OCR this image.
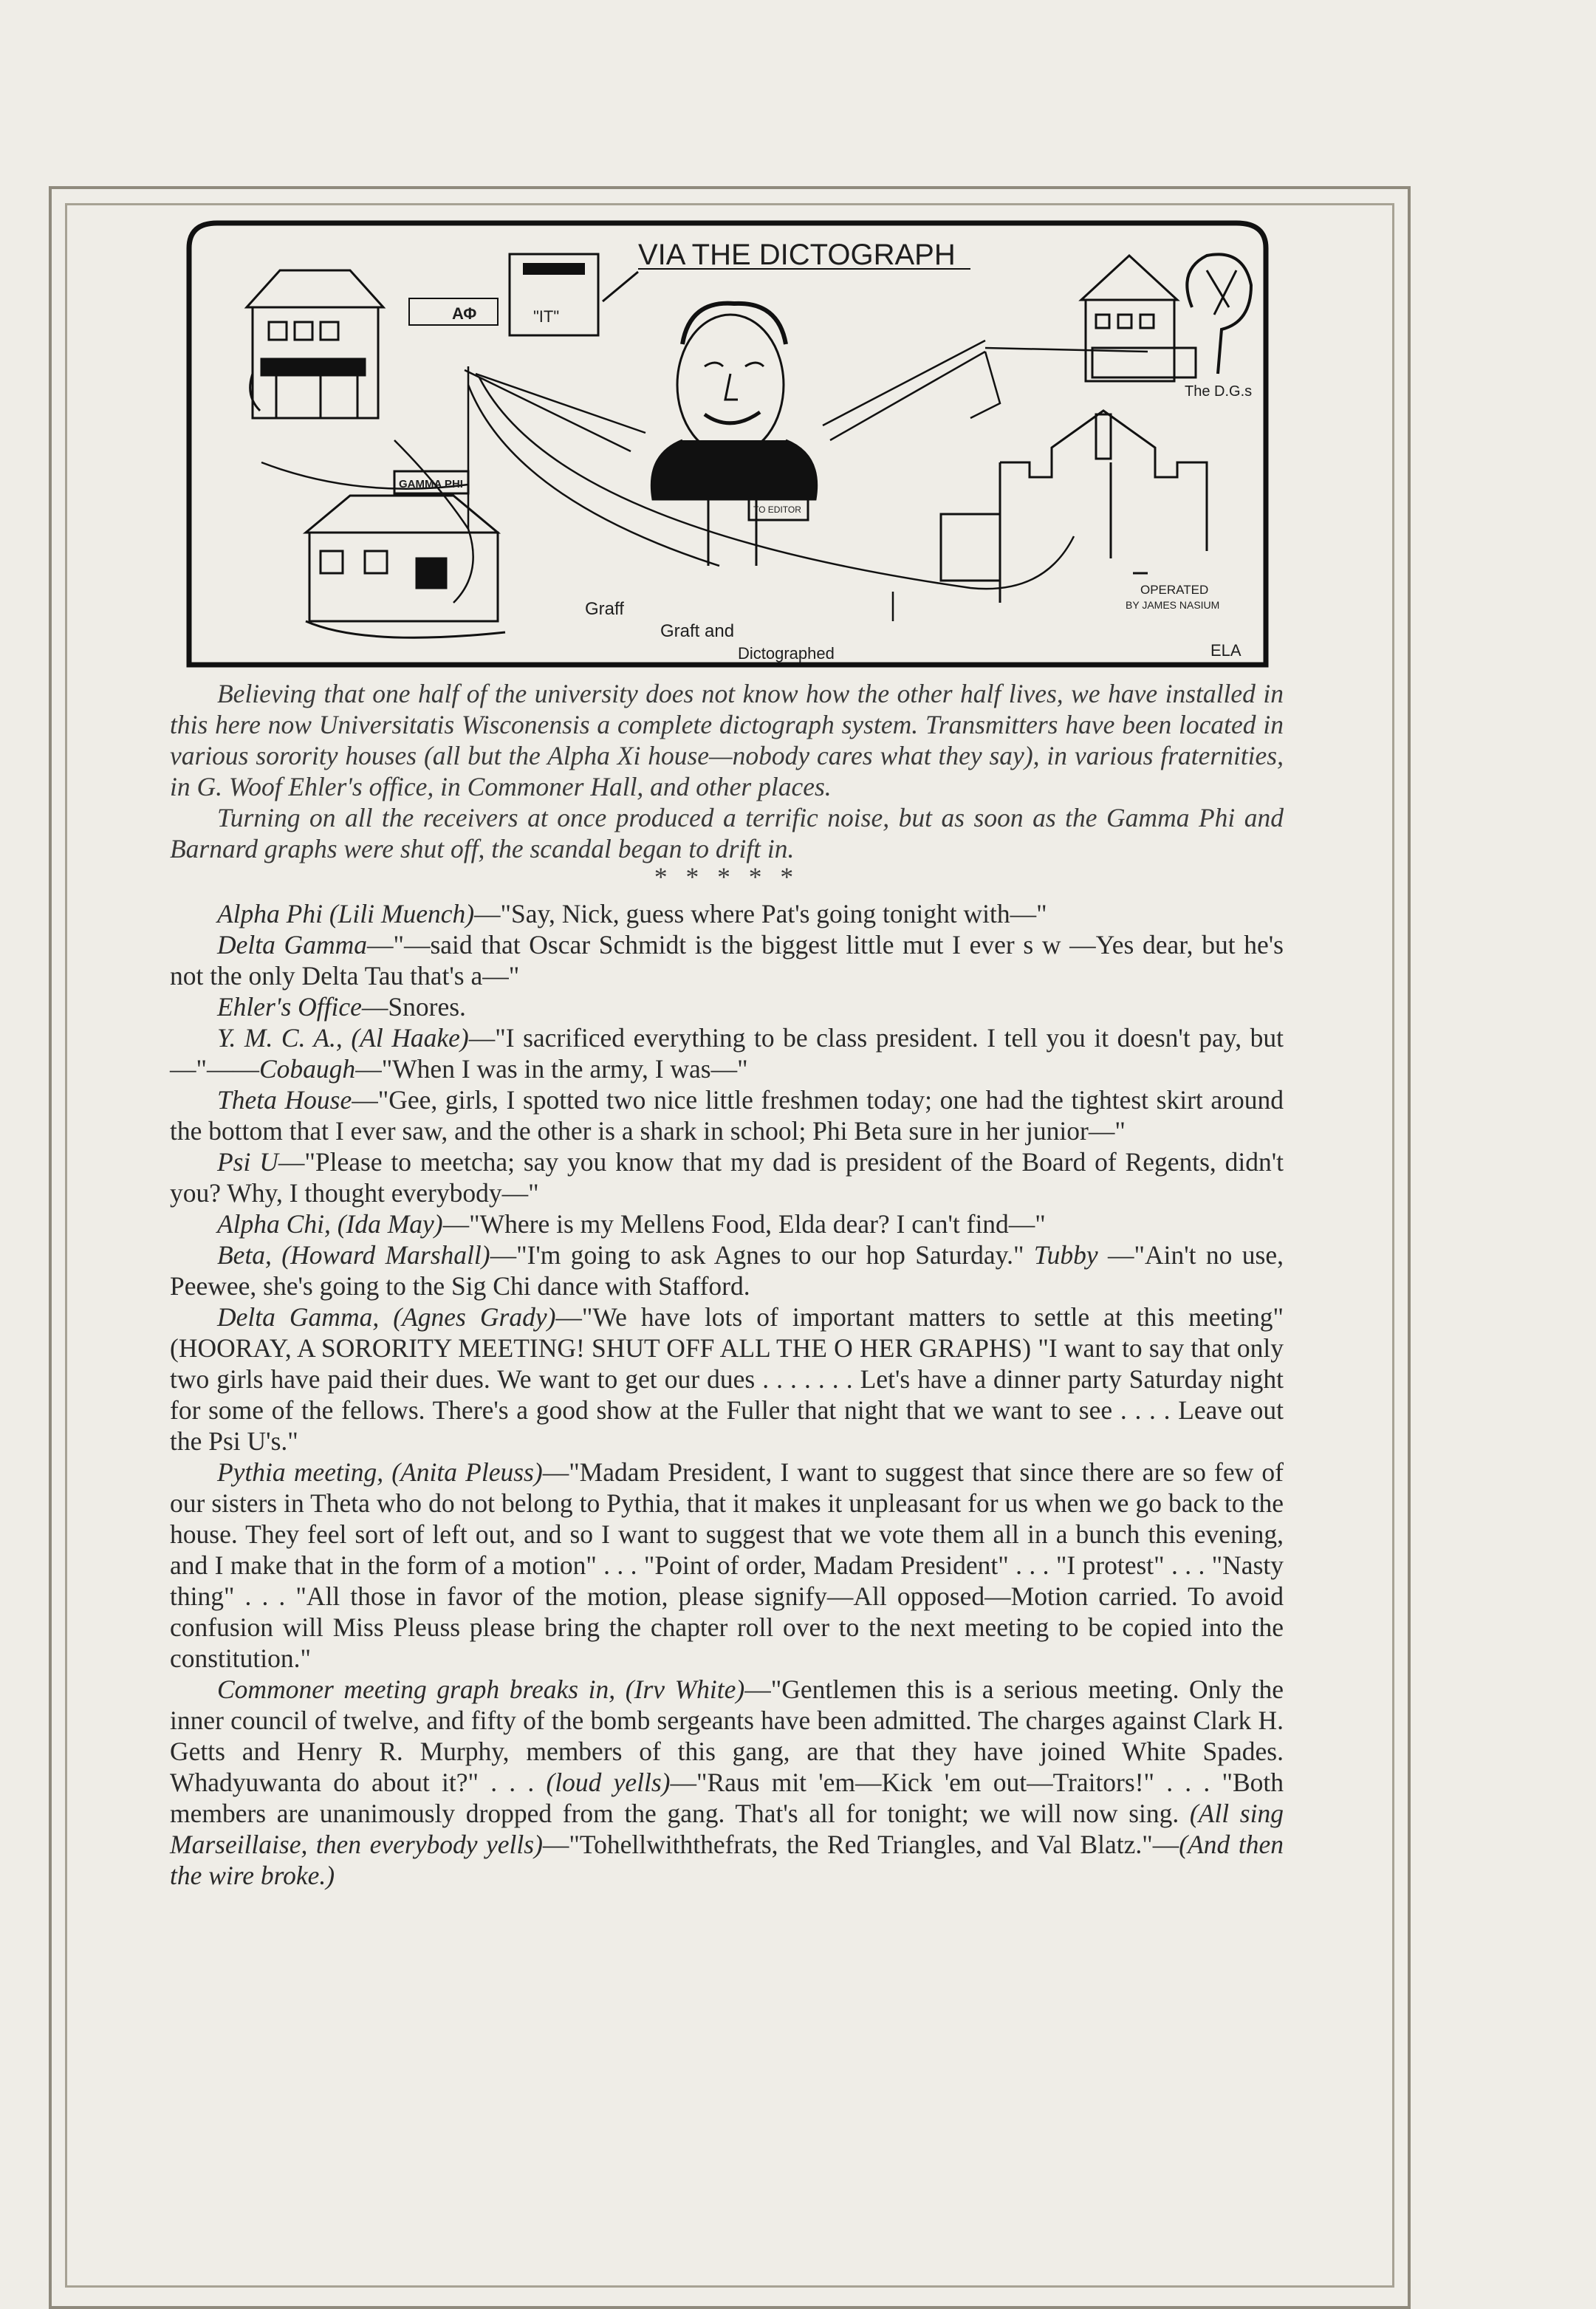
VIA THE DICTOGRAPH
"IT"
ΑΦ
TO EDITOR
The D.G.s
GAMMA PHI
OPERATED
BY JAMES NASIUM
Graff
Graft and
Dictographed	ELA

Believing that one half of the university does not know how the other half lives, we have installed in this here now Universitatis Wisconensis a complete dictograph system. Transmitters have been located in various sorority houses (all but the Alpha Xi house—nobody cares what they say), in various fraternities, in G. Woof Ehler's office, in Commoner Hall, and other places.

Turning on all the receivers at once produced a terrific noise, but as soon as the Gamma Phi and Barnard graphs were shut off, the scandal began to drift in.

* * * * *

Alpha Phi (Lili Muench)—"Say, Nick, guess where Pat's going tonight with—"

Delta Gamma—"—said that Oscar Schmidt is the biggest little mut I ever s w —Yes dear, but he's not the only Delta Tau that's a—"

Ehler's Office—Snores.

Y. M. C. A., (Al Haake)—"I sacrificed everything to be class president. I tell you it doesn't pay, but—"——Cobaugh—"When I was in the army, I was—"

Theta House—"Gee, girls, I spotted two nice little freshmen today; one had the tightest skirt around the bottom that I ever saw, and the other is a shark in school; Phi Beta sure in her junior—"

Psi U—"Please to meetcha; say you know that my dad is president of the Board of Regents, didn't you? Why, I thought everybody—"

Alpha Chi, (Ida May)—"Where is my Mellens Food, Elda dear? I can't find—"

Beta, (Howard Marshall)—"I'm going to ask Agnes to our hop Saturday." Tubby —"Ain't no use, Peewee, she's going to the Sig Chi dance with Stafford.

Delta Gamma, (Agnes Grady)—"We have lots of important matters to settle at this meeting" (HOORAY, A SORORITY MEETING! SHUT OFF ALL THE O HER GRAPHS) "I want to say that only two girls have paid their dues. We want to get our dues . . . . . . . Let's have a dinner party Saturday night for some of the fellows. There's a good show at the Fuller that night that we want to see . . . . Leave out the Psi U's."

Pythia meeting, (Anita Pleuss)—"Madam President, I want to suggest that since there are so few of our sisters in Theta who do not belong to Pythia, that it makes it unpleasant for us when we go back to the house. They feel sort of left out, and so I want to suggest that we vote them all in a bunch this evening, and I make that in the form of a motion" . . . "Point of order, Madam President" . . . "I protest" . . . "Nasty thing" . . . "All those in favor of the motion, please signify—All opposed—Motion carried. To avoid confusion will Miss Pleuss please bring the chapter roll over to the next meeting to be copied into the constitution."

Commoner meeting graph breaks in, (Irv White)—"Gentlemen this is a serious meeting. Only the inner council of twelve, and fifty of the bomb sergeants have been admitted. The charges against Clark H. Getts and Henry R. Murphy, members of this gang, are that they have joined White Spades. Whadyuwanta do about it?" . . . (loud yells)—"Raus mit 'em—Kick 'em out—Traitors!" . . . "Both members are unanimously dropped from the gang. That's all for tonight; we will now sing. (All sing Marseillaise, then everybody yells)—"Tohellwiththefrats, the Red Triangles, and Val Blatz."—(And then the wire broke.)
